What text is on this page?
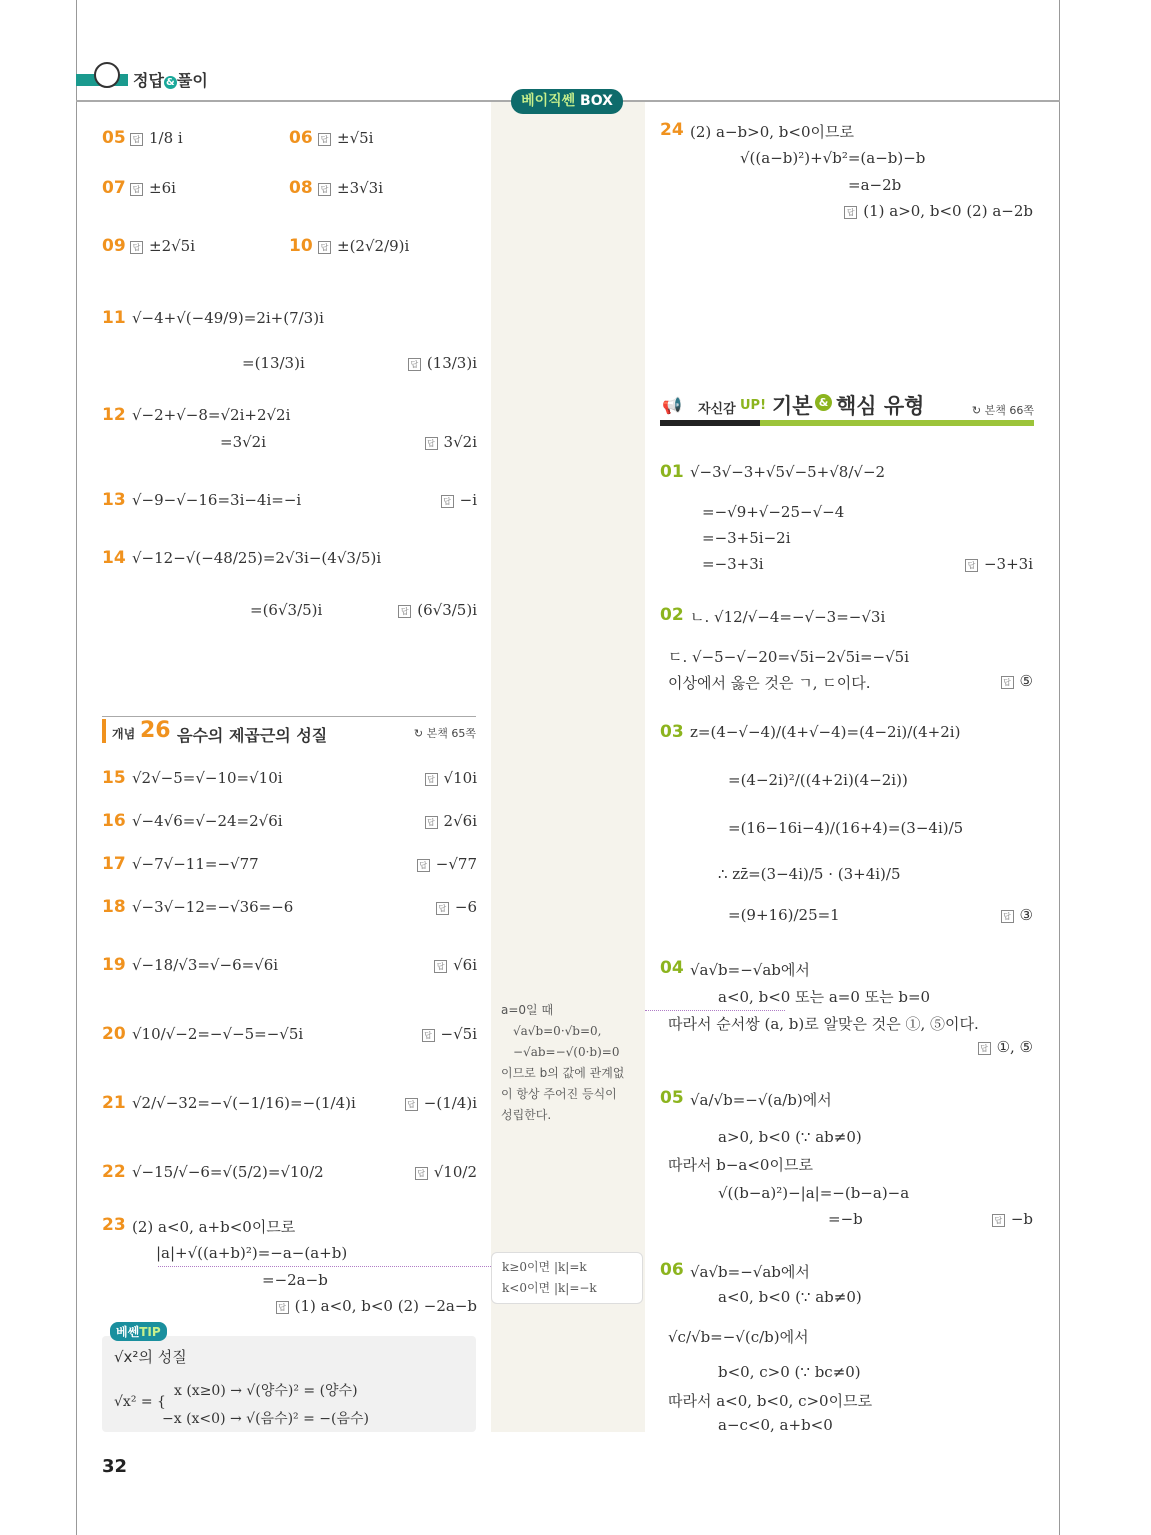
정답 & 풀이
베이직쎈 BOX
a=0일 때
√a√b=0·√b=0,
−√ab=−√(0·b)=0
이므로 b의 값에 관계없
이 항상 주어진 등식이
성립한다.
k≥0이면 |k|=k
k<0이면 |k|=−k
개념 26 음수의 제곱근의 성질	↻ 본책 65쪽
📢 자신감 UP! 기본 & 핵심 유형	↻ 본책 66쪽
√x²의 성질
√x² = {
x (x≥0) → √(양수)² = (양수)
−x (x<0) → √(음수)² = −(음수)
베쎈TIP
05 답 1/8 i	06 답 ±√5i
07 답 ±6i	08 답 ±3√3i
09 답 ±2√5i	10 답 ±(2√2/9)i
11 √−4+√(−49/9)=2i+(7/3)i
=(13/3)i	답 (13/3)i
12 √−2+√−8=√2i+2√2i
=3√2i	답 3√2i
13 √−9−√−16=3i−4i=−i	답 −i
14 √−12−√(−48/25)=2√3i−(4√3/5)i
=(6√3/5)i	답 (6√3/5)i
15 √2√−5=√−10=√10i	답 √10i
16 √−4√6=√−24=2√6i	답 2√6i
17 √−7√−11=−√77	답 −√77
18 √−3√−12=−√36=−6	답 −6
19 √−18/√3=√−6=√6i	답 √6i
20 √10/√−2=−√−5=−√5i	답 −√5i
21 √2/√−32=−√(−1/16)=−(1/4)i	답 −(1/4)i
22 √−15/√−6=√(5/2)=√10/2	답 √10/2
23 (2) a<0, a+b<0이므로
|a|+√((a+b)²)=−a−(a+b)
=−2a−b
답 (1) a<0, b<0 (2) −2a−b
24 (2) a−b>0, b<0이므로
√((a−b)²)+√b²=(a−b)−b
=a−2b
답 (1) a>0, b<0 (2) a−2b
01 √−3√−3+√5√−5+√8/√−2
=−√9+√−25−√−4
=−3+5i−2i
=−3+3i	답 −3+3i
02 ㄴ. √12/√−4=−√−3=−√3i
ㄷ. √−5−√−20=√5i−2√5i=−√5i
이상에서 옳은 것은 ㄱ, ㄷ이다.	답 ⑤
03 z=(4−√−4)/(4+√−4)=(4−2i)/(4+2i)
=(4−2i)²/((4+2i)(4−2i))
=(16−16i−4)/(16+4)=(3−4i)/5
∴ zz̄=(3−4i)/5 · (3+4i)/5
=(9+16)/25=1	답 ③
04 √a√b=−√ab에서
a<0, b<0 또는 a=0 또는 b=0
따라서 순서쌍 (a, b)로 알맞은 것은 ①, ⑤이다.
답 ①, ⑤
05 √a/√b=−√(a/b)에서
a>0, b<0 (∵ ab≠0)
따라서 b−a<0이므로
√((b−a)²)−|a|=−(b−a)−a
=−b	답 −b
06 √a√b=−√ab에서
a<0, b<0 (∵ ab≠0)
√c/√b=−√(c/b)에서
b<0, c>0 (∵ bc≠0)
따라서 a<0, b<0, c>0이므로
a−c<0, a+b<0
32
